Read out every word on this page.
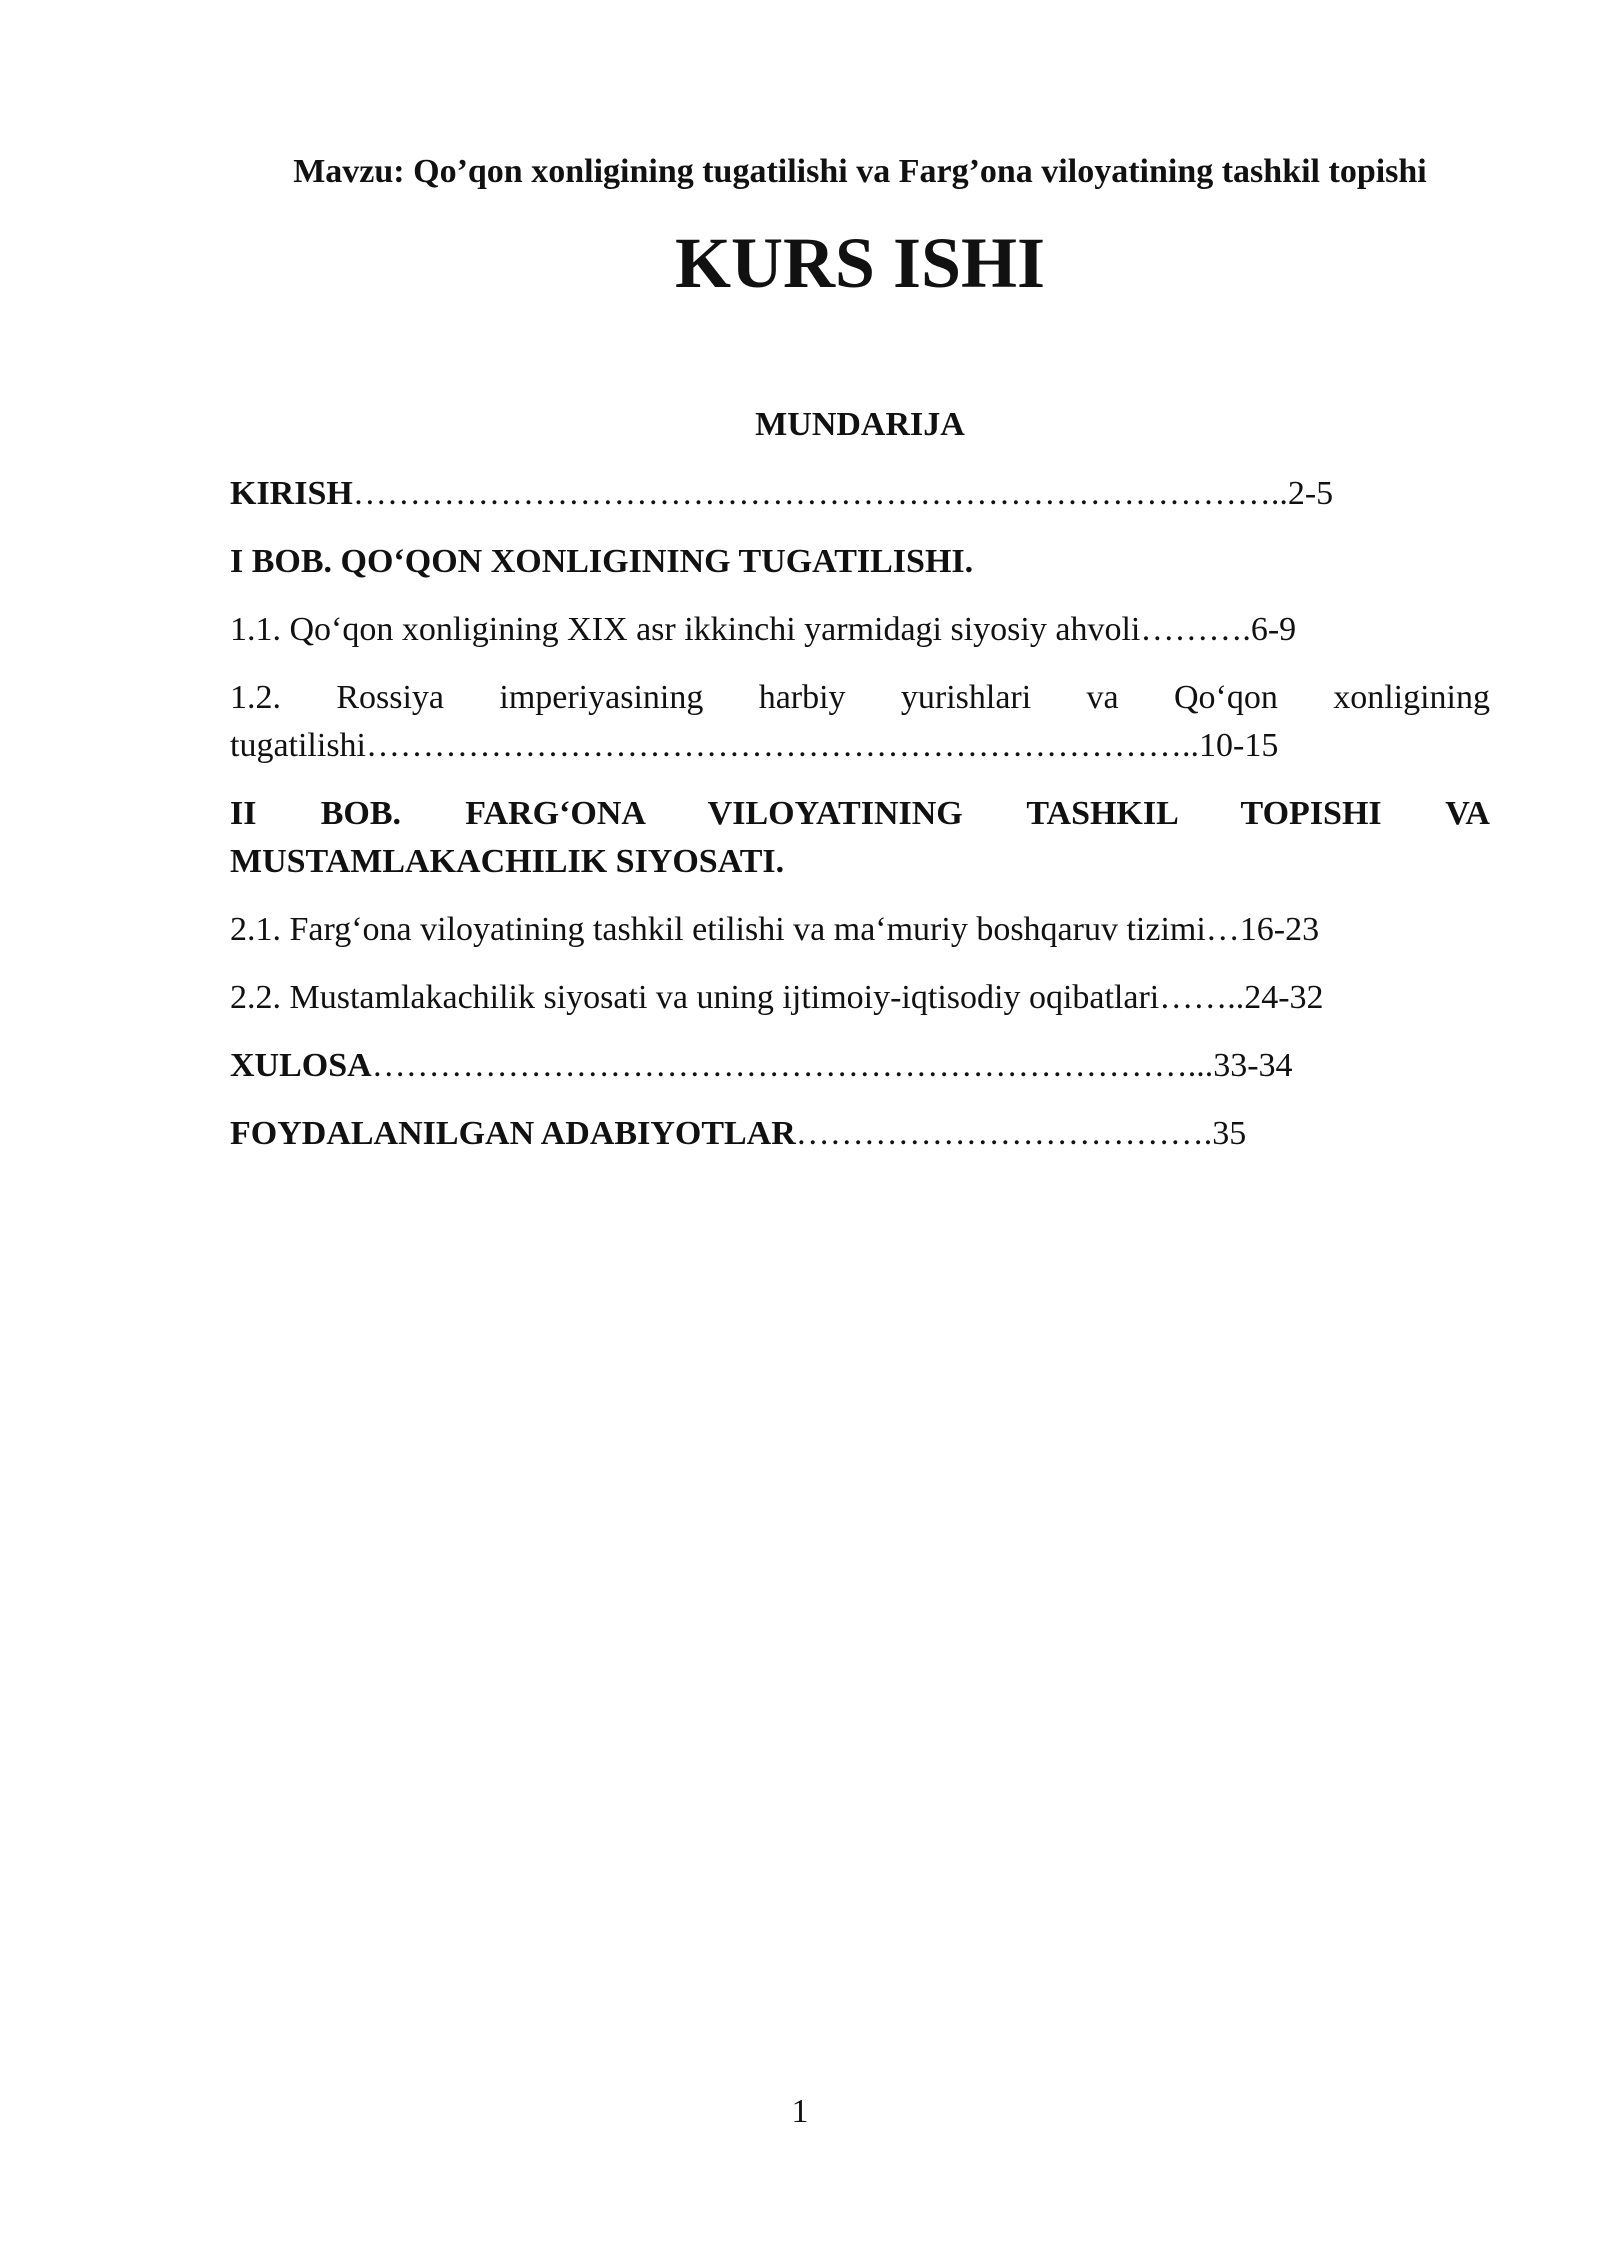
Mavzu: Qo’qon xonligining tugatilishi va Farg’ona viloyatining tashkil topishi
KURS ISHI
MUNDARIJA
KIRISH………………………………………………………………………..2-5
I BOB. QO‘QON XONLIGINING TUGATILISHI.
1.1. Qo‘qon xonligining XIX asr ikkinchi yarmidagi siyosiy ahvoli……….6-9
1.2. Rossiya imperiyasining harbiy yurishlari va Qo‘qon xonligining tugatilishi………………………………………………………………..10-15
II BOB. FARG‘ONA VILOYATINING TASHKIL TOPISHI VA MUSTAMLAKACHILIK SIYOSATI.
2.1. Farg‘ona viloyatining tashkil etilishi va ma‘muriy boshqaruv tizimi…16-23
2.2. Mustamlakachilik siyosati va uning ijtimoiy-iqtisodiy oqibatlari……..24-32
XULOSA………………………………………………………………...33-34
FOYDALANILGAN ADABIYOTLAR……………………………….35
1
